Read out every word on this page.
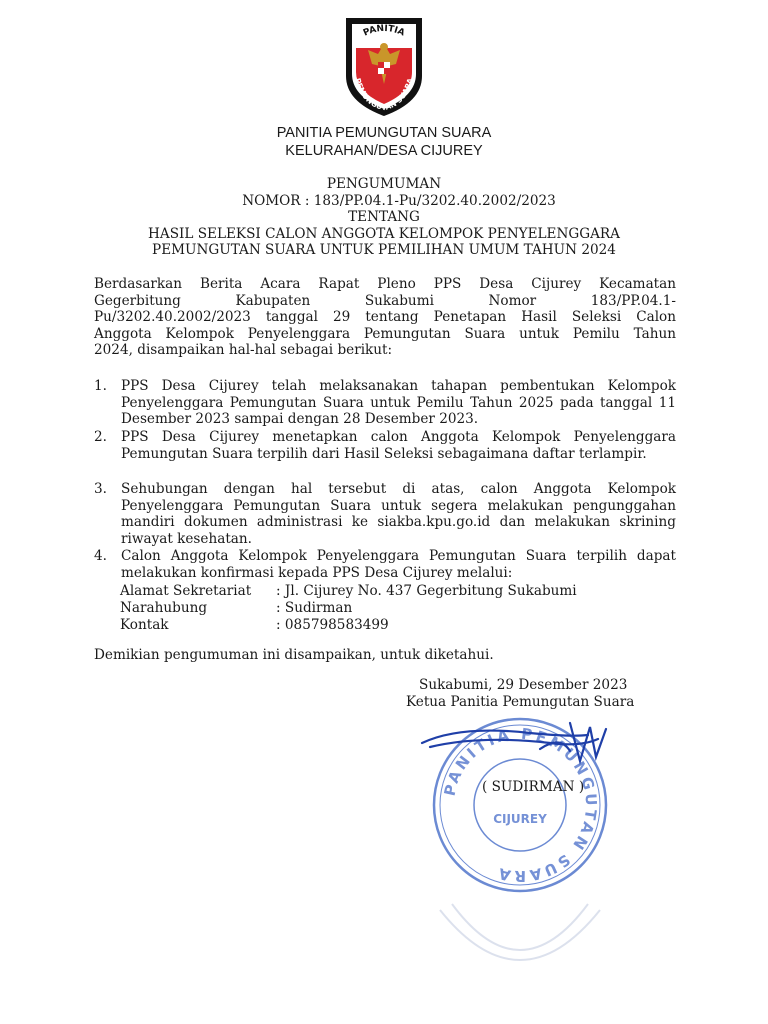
PANITIA
PEMUNGUTAN SUARA
PANITIA PEMUNGUTAN SUARA
KELURAHAN/DESA CIJUREY
PENGUMUMAN
NOMOR : 183/PP.04.1-Pu/3202.40.2002/2023
TENTANG
HASIL SELEKSI CALON ANGGOTA KELOMPOK PENYELENGGARA
PEMUNGUTAN SUARA UNTUK PEMILIHAN UMUM TAHUN 2024
Berdasarkan Berita Acara Rapat Pleno PPS Desa Cijurey Kecamatan
Gegerbitung Kabupaten Sukabumi Nomor 183/PP.04.1-
Pu/3202.40.2002/2023 tanggal 29 tentang Penetapan Hasil Seleksi Calon
Anggota Kelompok Penyelenggara Pemungutan Suara untuk Pemilu Tahun
2024, disampaikan hal-hal sebagai berikut:
1.	PPS Desa Cijurey telah melaksanakan tahapan pembentukan Kelompok Penyelenggara Pemungutan Suara untuk Pemilu Tahun 2025 pada tanggal 11 Desember 2023 sampai dengan 28 Desember 2023.
2.	PPS Desa Cijurey menetapkan calon Anggota Kelompok Penyelenggara Pemungutan Suara terpilih dari Hasil Seleksi sebagaimana daftar terlampir.
3.	Sehubungan dengan hal tersebut di atas, calon Anggota Kelompok Penyelenggara Pemungutan Suara untuk segera melakukan pengunggahan mandiri dokumen administrasi ke siakba.kpu.go.id dan melakukan skrining riwayat kesehatan.
4.	Calon Anggota Kelompok Penyelenggara Pemungutan Suara terpilih dapat melakukan konfirmasi kepada PPS Desa Cijurey melalui:
Alamat Sekretariat	: Jl. Cijurey No. 437 Gegerbitung Sukabumi
Narahubung	: Sudirman
Kontak	: 085798583499
Demikian pengumuman ini disampaikan, untuk diketahui.
Sukabumi, 29 Desember 2023
Ketua Panitia Pemungutan Suara
PANITIA PEMUNGUTAN SUARA
CIJUREY
( SUDIRMAN )
